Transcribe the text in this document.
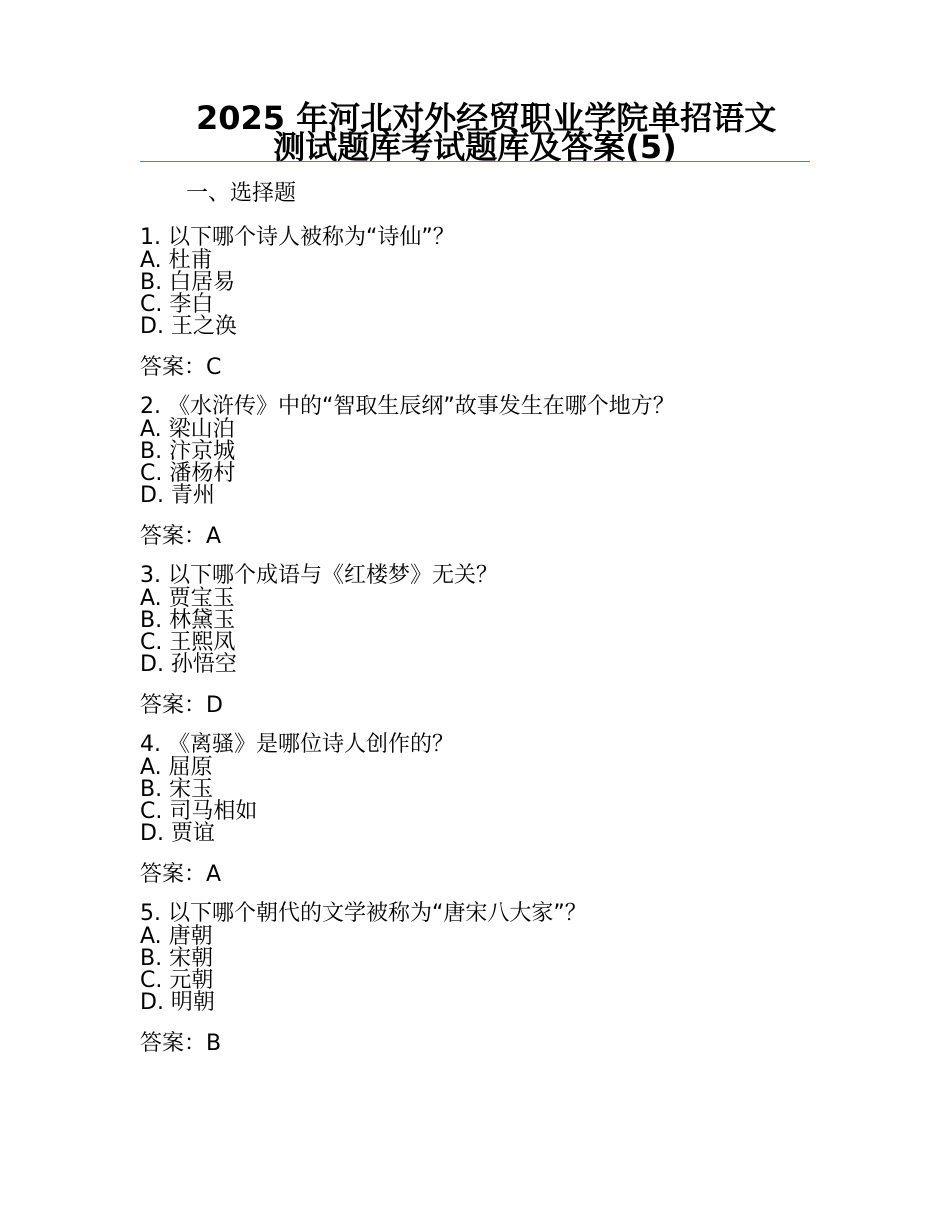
2025 年河北对外经贸职业学院单招语文
测试题库考试题库及答案(5)

一、选择题

1. 以下哪个诗人被称为“诗仙”？

A. 杜甫
B. 白居易
C. 李白
D. 王之涣

答案：C

2. 《水浒传》中的“智取生辰纲”故事发生在哪个地方？

A. 梁山泊
B. 汴京城
C. 潘杨村
D. 青州

答案：A

3. 以下哪个成语与《红楼梦》无关？

A. 贾宝玉
B. 林黛玉
C. 王熙凤
D. 孙悟空

答案：D

4. 《离骚》是哪位诗人创作的？

A. 屈原
B. 宋玉
C. 司马相如
D. 贾谊

答案：A

5. 以下哪个朝代的文学被称为“唐宋八大家”？

A. 唐朝
B. 宋朝
C. 元朝
D. 明朝

答案：B
